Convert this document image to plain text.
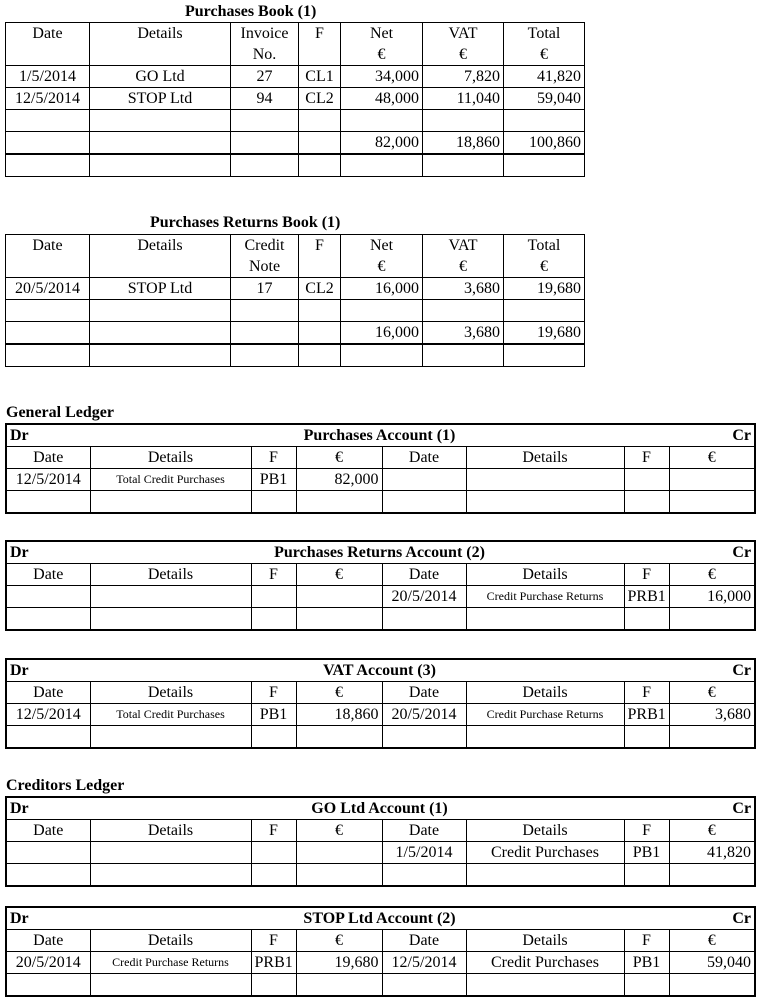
Purchases Book (1)
Date	Details	Invoice	F	Net	VAT	Total
		No.		€	€	€
1/5/2014	GO Ltd	27	CL1	34,000	7,820	41,820
12/5/2014	STOP Ltd	94	CL2	48,000	11,040	59,040

				82,000	18,860	100,860

Purchases Returns Book (1)
Date	Details	Credit	F	Net	VAT	Total
		Note		€	€	€
20/5/2014	STOP Ltd	17	CL2	16,000	3,680	19,680

				16,000	3,680	19,680

General Ledger
Dr	Purchases Account (1)						Cr
Date	Details	F	€	Date	Details	F	€
12/5/2014	Total Credit Purchases	PB1	82,000				

Dr	Purchases Returns Account (2)						Cr
Date	Details	F	€	Date	Details	F	€
				20/5/2014	Credit Purchase Returns	PRB1	16,000

Dr	VAT Account (3)						Cr
Date	Details	F	€	Date	Details	F	€
12/5/2014	Total Credit Purchases	PB1	18,860	20/5/2014	Credit Purchase Returns	PRB1	3,680

Creditors Ledger
Dr	GO Ltd Account (1)						Cr
Date	Details	F	€	Date	Details	F	€
				1/5/2014	Credit Purchases	PB1	41,820

Dr	STOP Ltd Account (2)						Cr
Date	Details	F	€	Date	Details	F	€
20/5/2014	Credit Purchase Returns	PRB1	19,680	12/5/2014	Credit Purchases	PB1	59,040
